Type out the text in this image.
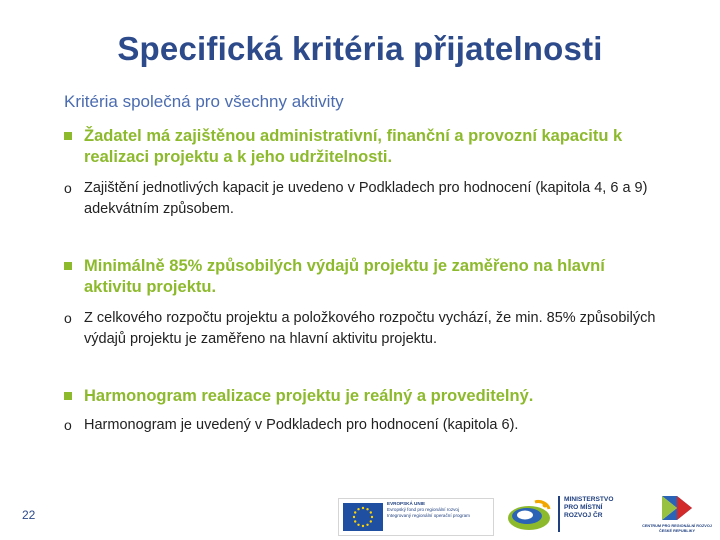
Specifická kritéria přijatelnosti
Kritéria společná pro všechny aktivity
Žadatel má zajištěnou administrativní, finanční a provozní kapacitu k realizaci projektu a k jeho udržitelnosti.
o Zajištění jednotlivých kapacit je uvedeno v Podkladech pro hodnocení (kapitola 4, 6 a 9) adekvátním způsobem.
Minimálně 85% způsobilých výdajů projektu je zaměřeno na hlavní aktivitu projektu.
o Z celkového rozpočtu projektu a položkového rozpočtu vychází, že min. 85% způsobilých výdajů projektu je zaměřeno na hlavní aktivitu projektu.
Harmonogram realizace projektu je reálný a proveditelný.
o Harmonogram je uvedený v Podkladech pro hodnocení (kapitola 6).
22
EVROPSKÁ UNIE
Evropský fond pro regionální rozvoj
Integrovaný regionální operační program
MINISTERSTVO
PRO MÍSTNÍ
ROZVOJ ČR
CENTRUM PRO REGIONÁLNÍ ROZVOJ
ČESKÉ REPUBLIKY
